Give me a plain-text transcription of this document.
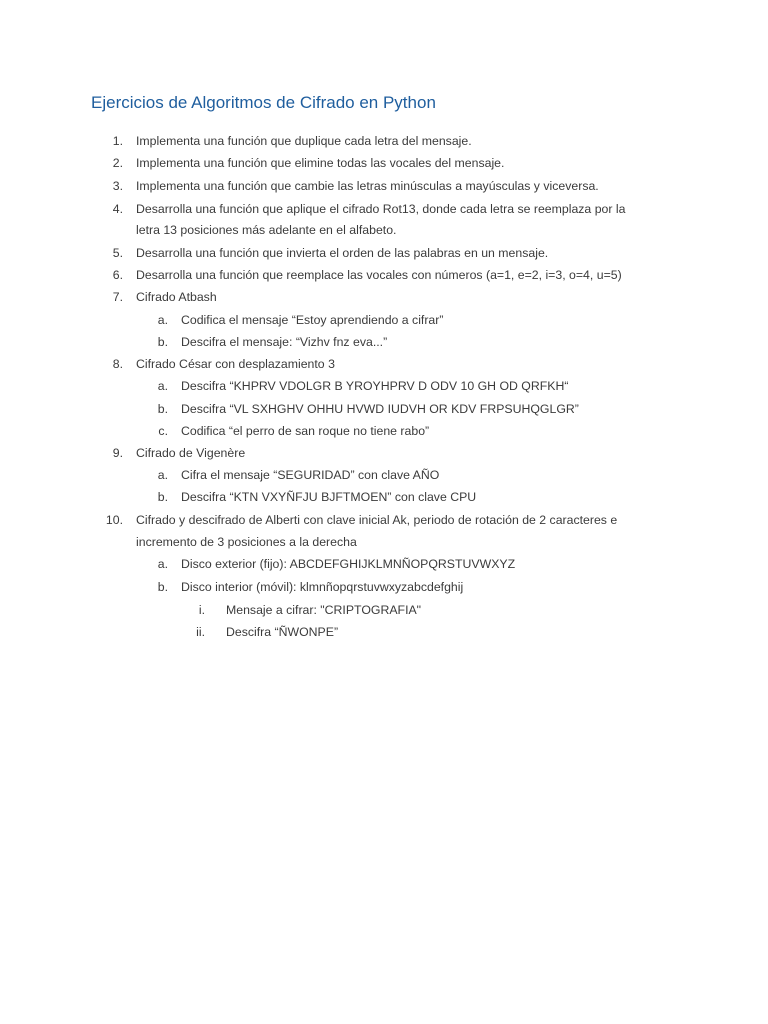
Ejercicios de Algoritmos de Cifrado en Python
1. Implementa una función que duplique cada letra del mensaje.
2. Implementa una función que elimine todas las vocales del mensaje.
3. Implementa una función que cambie las letras minúsculas a mayúsculas y viceversa.
4. Desarrolla una función que aplique el cifrado Rot13, donde cada letra se reemplaza por la
letra 13 posiciones más adelante en el alfabeto.
5. Desarrolla una función que invierta el orden de las palabras en un mensaje.
6. Desarrolla una función que reemplace las vocales con números (a=1, e=2, i=3, o=4, u=5)
7. Cifrado Atbash
a. Codifica el mensaje “Estoy aprendiendo a cifrar”
b. Descifra el mensaje: “Vizhv fnz eva...”
8. Cifrado César con desplazamiento 3
a. Descifra “KHPRV VDOLGR B YROYHPRV D ODV 10 GH OD QRFKH“
b. Descifra “VL SXHGHV OHHU HVWD IUDVH OR KDV FRPSUHQGLGR”
c. Codifica “el perro de san roque no tiene rabo”
9. Cifrado de Vigenère
a. Cifra el mensaje “SEGURIDAD” con clave AÑO
b. Descifra “KTN VXYÑFJU BJFTMOEN” con clave CPU
10. Cifrado y descifrado de Alberti con clave inicial Ak, periodo de rotación de 2 caracteres e
incremento de 3 posiciones a la derecha
a. Disco exterior (fijo): ABCDEFGHIJKLMNÑOPQRSTUVWXYZ
b. Disco interior (móvil): klmnñopqrstuvwxyzabcdefghij
i. Mensaje a cifrar: "CRIPTOGRAFIA"
ii. Descifra “ÑWONPE”
